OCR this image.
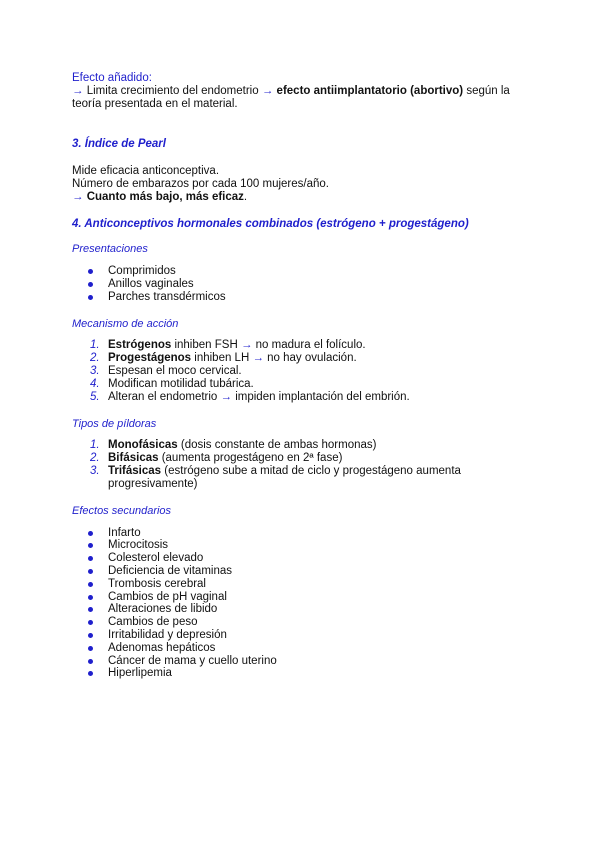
Efecto añadido:

→ Limita crecimiento del endometrio → efecto antiimplantatorio (abortivo) según la

teoría presentada en el material.

3. Índice de Pearl

Mide eficacia anticonceptiva.

Número de embarazos por cada 100 mujeres/año.

→ Cuanto más bajo, más eficaz.

4. Anticonceptivos hormonales combinados (estrógeno + progestágeno)

Presentaciones

Comprimidos
Anillos vaginales
Parches transdérmicos

Mecanismo de acción

1. Estrógenos inhiben FSH → no madura el folículo.
2. Progestágenos inhiben LH → no hay ovulación.
3. Espesan el moco cervical.
4. Modifican motilidad tubárica.
5. Alteran el endometrio → impiden implantación del embrión.

Tipos de píldoras

1. Monofásicas (dosis constante de ambas hormonas)
2. Bifásicas (aumenta progestágeno en 2ª fase)
3. Trifásicas (estrógeno sube a mitad de ciclo y progestágeno aumenta
progresivamente)

Efectos secundarios

Infarto
Microcitosis
Colesterol elevado
Deficiencia de vitaminas
Trombosis cerebral
Cambios de pH vaginal
Alteraciones de libido
Cambios de peso
Irritabilidad y depresión
Adenomas hepáticos
Cáncer de mama y cuello uterino
Hiperlipemia
